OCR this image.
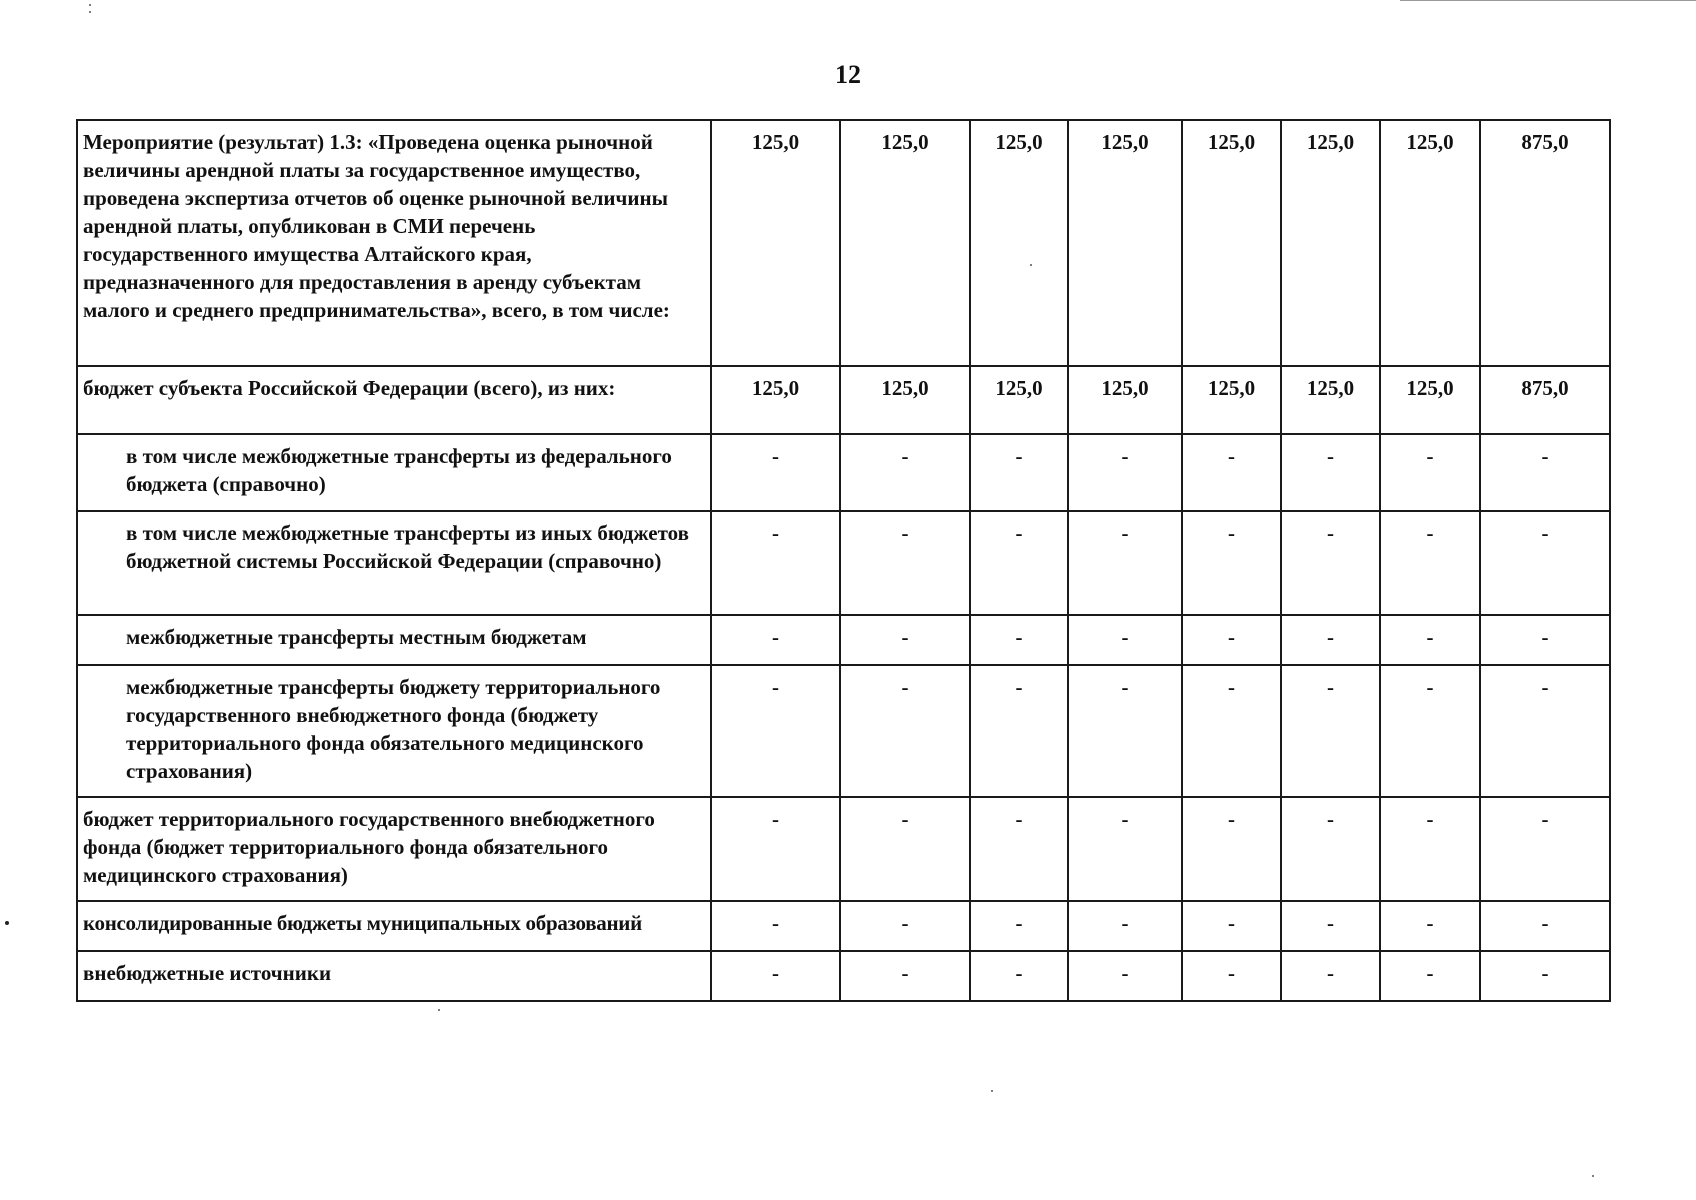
12
Мероприятие (результат) 1.3: «Проведена оценка рыночной величины арендной платы за государственное имущество, проведена экспертиза отчетов об оценке рыночной величины арендной платы, опубликован в СМИ перечень государственного имущества Алтайского края, предназначенного для предоставления в аренду субъектам малого и среднего предпринимательства», всего, в том числе:	125,0	125,0	125,0	125,0	125,0	125,0	125,0	875,0
бюджет субъекта Российской Федерации (всего), из них:	125,0	125,0	125,0	125,0	125,0	125,0	125,0	875,0
в том числе межбюджетные трансферты из федерального бюджета (справочно)	-	-	-	-	-	-	-	-
в том числе межбюджетные трансферты из иных бюджетов бюджетной системы Российской Федерации (справочно)	-	-	-	-	-	-	-	-
межбюджетные трансферты местным бюджетам	-	-	-	-	-	-	-	-
межбюджетные трансферты бюджету территориального государственного внебюджетного фонда (бюджету территориального фонда обязательного медицинского страхования)	-	-	-	-	-	-	-	-
бюджет территориального государственного внебюджетного фонда (бюджет территориального фонда обязательного медицинского страхования)	-	-	-	-	-	-	-	-
консолидированные бюджеты муниципальных образований	-	-	-	-	-	-	-	-
внебюджетные источники	-	-	-	-	-	-	-	-
